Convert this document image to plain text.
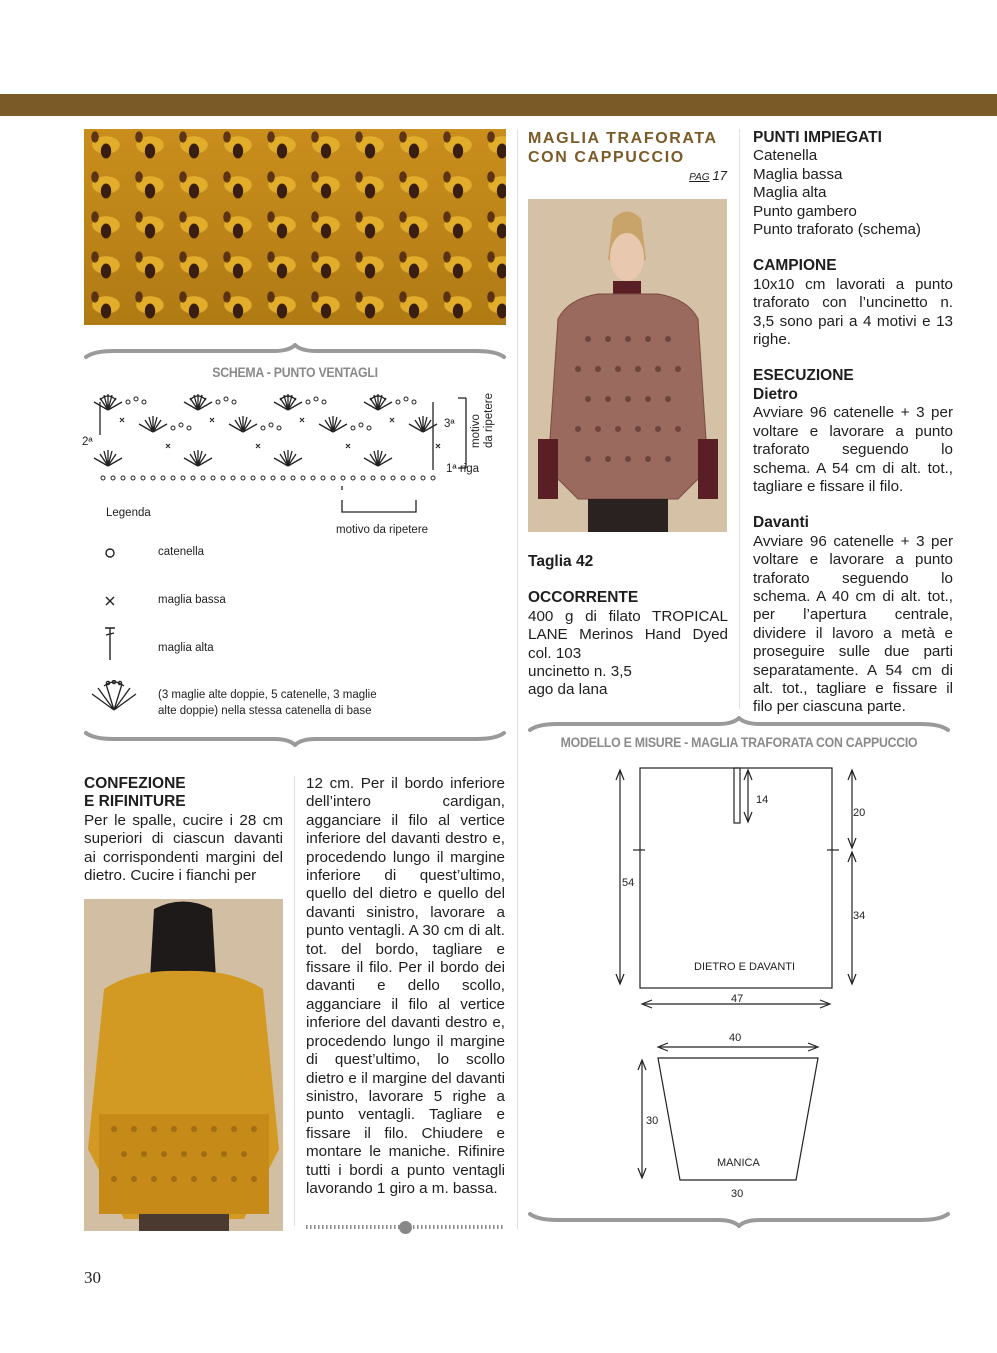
SCHEMA - PUNTO VENTAGLI
2ª
3ª
1ª riga
motivo da ripetere
motivo da ripetere
Legenda
catenella
maglia bassa
maglia alta
(3 maglie alte doppie, 5 catenelle, 3 maglie
alte doppie) nella stessa catenella di base
MAGLIA TRAFORATA
CON CAPPUCCIO
PAG 17
Taglia 42
OCCORRENTE
400 g di filato TROPICAL LANE Merinos Hand Dyed col. 103
uncinetto n. 3,5
ago da lana
PUNTI IMPIEGATI
Catenella
Maglia bassa
Maglia alta
Punto gambero
Punto traforato (schema)
CAMPIONE
10x10 cm lavorati a punto traforato con l’uncinetto n. 3,5 sono pari a 4 motivi e 13 righe.
ESECUZIONE
Dietro
Avviare 96 catenelle + 3 per voltare e lavorare a punto traforato seguendo lo schema. A 54 cm di alt. tot., tagliare e fissare il filo.
Davanti
Avviare 96 catenelle + 3 per voltare e lavorare a punto traforato seguendo lo schema. A 40 cm di alt. tot., per l’apertura centrale, dividere il lavoro a metà e proseguire sulle due parti separatamente. A 54 cm di alt. tot., tagliare e fissare il filo per ciascuna parte.
MODELLO E MISURE - MAGLIA TRAFORATA CON CAPPUCCIO
54
14
20
34
DIETRO E DAVANTI
47
40
30
MANICA
30
CONFEZIONE
E RIFINITURE
Per le spalle, cucire i 28 cm superiori di ciascun davanti ai corrispondenti margini del dietro. Cucire i fianchi per
12 cm. Per il bordo inferiore dell’intero cardigan, agganciare il filo al vertice inferiore del davanti destro e, procedendo lungo il margine inferiore di quest’ultimo, quello del dietro e quello del davanti sinistro, lavorare a punto ventagli. A 30 cm di alt. tot. del bordo, tagliare e fissare il filo. Per il bordo dei davanti e dello scollo, agganciare il filo al vertice inferiore del davanti destro e, procedendo lungo il margine di quest’ultimo, lo scollo dietro e il margine del davanti sinistro, lavorare 5 righe a punto ventagli. Tagliare e fissare il filo. Chiudere e montare le maniche. Rifinire tutti i bordi a punto ventagli lavorando 1 giro a m. bassa.
30
